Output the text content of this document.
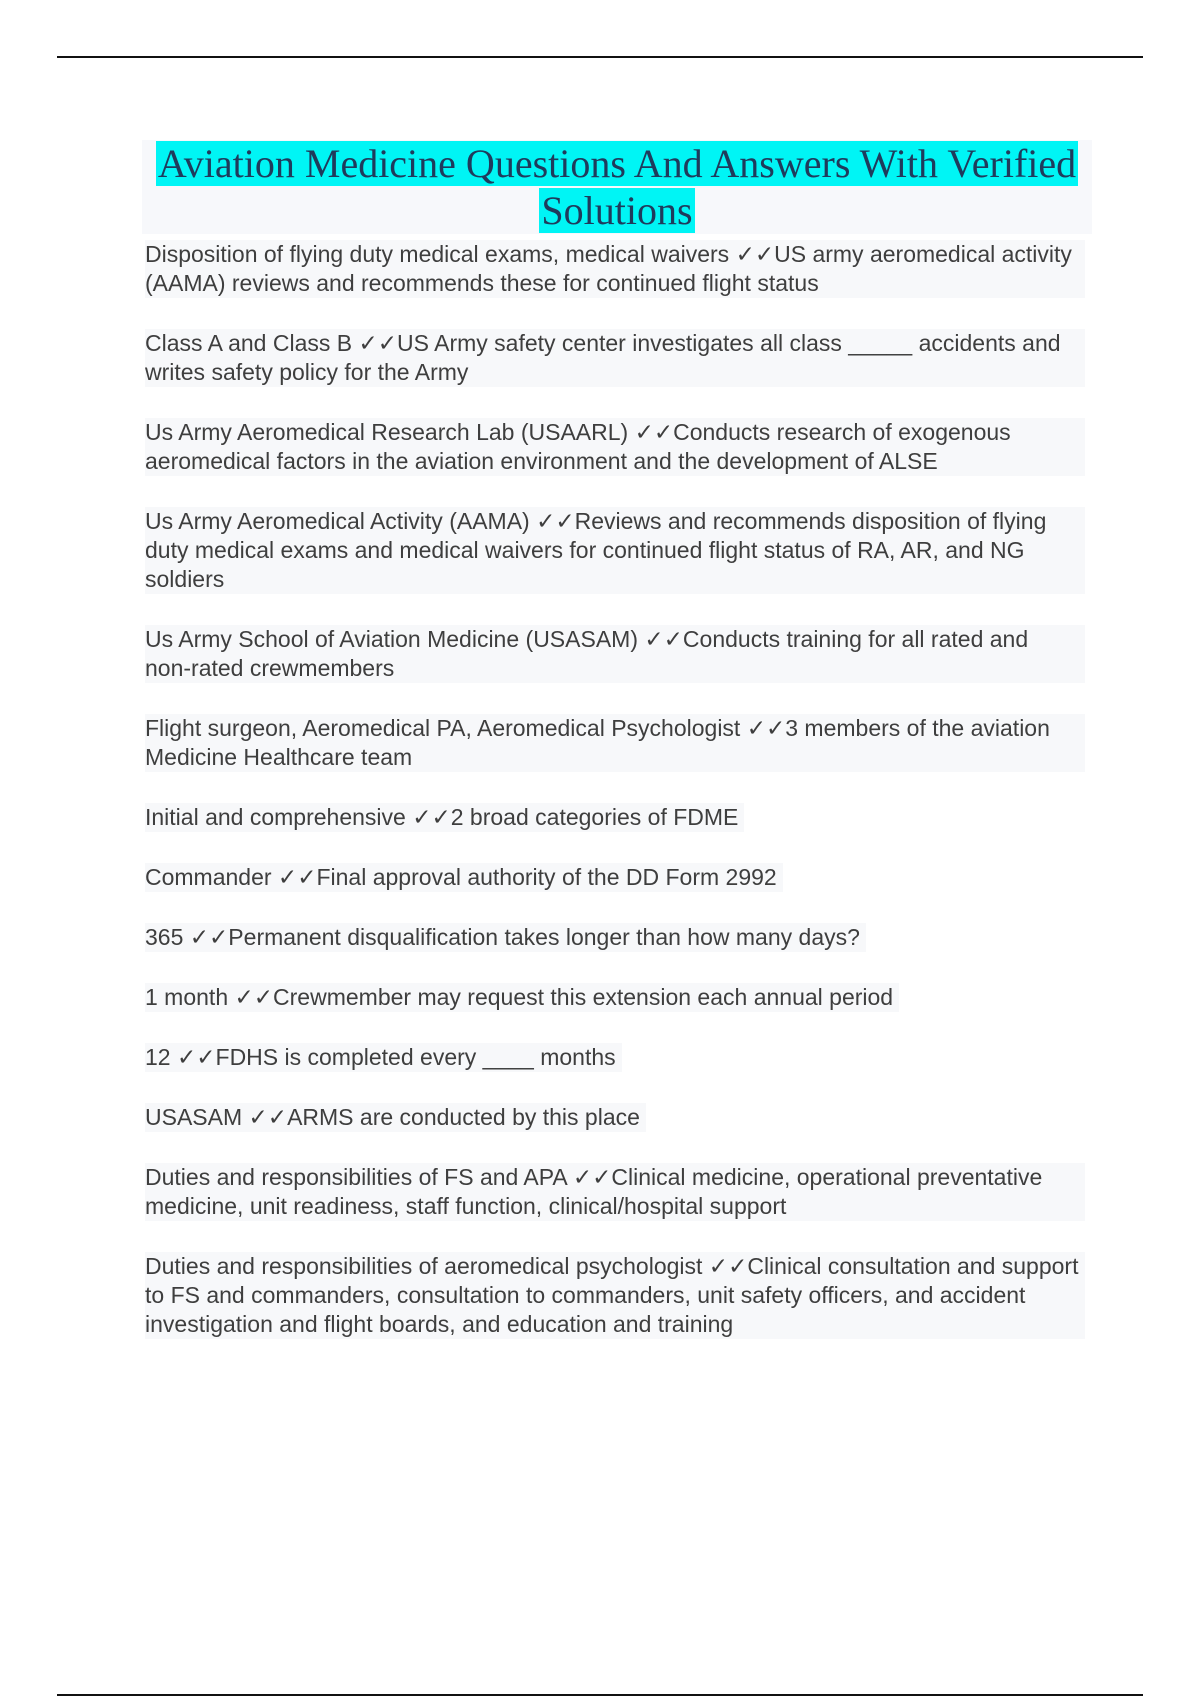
Aviation Medicine Questions And Answers With Verified
Solutions
Disposition of flying duty medical exams, medical waivers ✓✓US army aeromedical activity (AAMA) reviews and recommends these for continued flight status
Class A and Class B ✓✓US Army safety center investigates all class _____ accidents and writes safety policy for the Army
Us Army Aeromedical Research Lab (USAARL) ✓✓Conducts research of exogenous aeromedical factors in the aviation environment and the development of ALSE
Us Army Aeromedical Activity (AAMA) ✓✓Reviews and recommends disposition of flying duty medical exams and medical waivers for continued flight status of RA, AR, and NG soldiers
Us Army School of Aviation Medicine (USASAM) ✓✓Conducts training for all rated and non-rated crewmembers
Flight surgeon, Aeromedical PA, Aeromedical Psychologist ✓✓3 members of the aviation Medicine Healthcare team
Initial and comprehensive ✓✓2 broad categories of FDME
Commander ✓✓Final approval authority of the DD Form 2992
365 ✓✓Permanent disqualification takes longer than how many days?
1 month ✓✓Crewmember may request this extension each annual period
12 ✓✓FDHS is completed every ____ months
USASAM ✓✓ARMS are conducted by this place
Duties and responsibilities of FS and APA ✓✓Clinical medicine, operational preventative medicine, unit readiness, staff function, clinical/hospital support
Duties and responsibilities of aeromedical psychologist ✓✓Clinical consultation and support to FS and commanders, consultation to commanders, unit safety officers, and accident investigation and flight boards, and education and training
